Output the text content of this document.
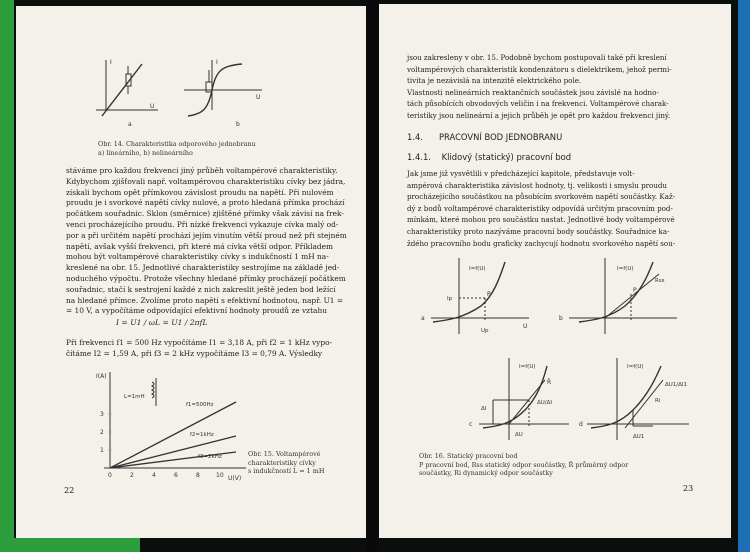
I
U
a
I
U
b
Obr. 14. Charakteristika odporového jednobranu
a) lineárního, b) nelineárního
stáváme pro každou frekvenci jiný průběh voltampérové charakteristiky.
Kdybychom zjišťovali např. voltampérovou charakteristiku cívky bez jádra,
získali bychom opět přímkovou závislost proudu na napětí. Při nulovém
proudu je i svorkové napětí cívky nulové, a proto hledaná přímka prochází
počátkem souřadnic. Sklon (směrnice) zjištěné přímky však závisí na frek-
venci procházejícího proudu. Při nízké frekvenci vykazuje cívka malý od-
por a při určitém napětí prochází jejím vinutím větší proud než při stejném
napětí, avšak vyšší frekvenci, při které má cívka větší odpor. Příkladem
mohou být voltampérové charakteristiky cívky s indukčností 1 mH na-
kreslené na obr. 15. Jednotlivé charakteristiky sestrojíme na základě jed-
noduchého výpočtu. Protože všechny hledané přímky procházejí počátkem
souřadnic, stačí k sestrojení každé z nich zakreslit ještě jeden bod ležící
na hledané přímce. Zvolíme proto napětí s efektivní hodnotou, např. U1 =
= 10 V, a vypočítáme odpovídající efektivní hodnoty proudů ze vztahu
I = U1 / ωL = U1 / 2πfL
Při frekvenci f1 = 500 Hz vypočítáme I1 = 3,18 A, při f2 = 1 kHz vypo-
čítáme I2 = 1,59 A, při f3 = 2 kHz vypočítáme I3 = 0,79 A. Výsledky
I(A)
U(V)
1
2
3
0	2	4	6	8	10
L=1mH
f1=500Hz
f2=1kHz
f3=2kHz	Obr. 15. Voltampérové
charakteristiky cívky
s indukčností L = 1 mH
22
jsou zakresleny v obr. 15. Podobně bychom postupovali také při kreslení
voltampérových charakteristik kondenzátoru s dielektrikem, jehož permi-
tivita je nezávislá na intenzitě elektrického pole.
Vlastnosti nelineárních reaktančních součástek jsou závislé na hodno-
tách působících obvodových veličin i na frekvenci. Voltampérové charak-
teristiky jsou nelineární a jejich průběh je opět pro každou frekvenci jiný.
1.4.      PRACOVNÍ BOD JEDNOBRANU
1.4.1.    Klidový (statický) pracovní bod
Jak jsme již vysvětlili v předcházející kapitole, představuje volt-
ampérová charakteristika závislost hodnoty, tj. velikosti i smyslu proudu
procházejícího součástkou na působícím svorkovém napětí součástky. Kaž-
dý z bodů voltampérové charakteristiky odpovídá určitým pracovním pod-
mínkám, které mohou pro součástku nastat. Jednotlivé body voltampérové
charakteristiky proto nazýváme pracovní body součástky. Souřadnice ka-
ždého pracovního bodu graficky zachycují hodnotu svorkového napětí sou-
a
I=f(U)
P
Ip
Up
U
b
I=f(U)
Rss
P
c
I=f(U)
R̄
ΔU/ΔI
ΔI
ΔU
d
I=f(U)
Ri
ΔU1/ΔI1
ΔU1
Obr. 16. Statický pracovní bod
P pracovní bod, Rss statický odpor součástky, R̄ průměrný odpor
součástky, Ri dynamický odpor součástky
23
